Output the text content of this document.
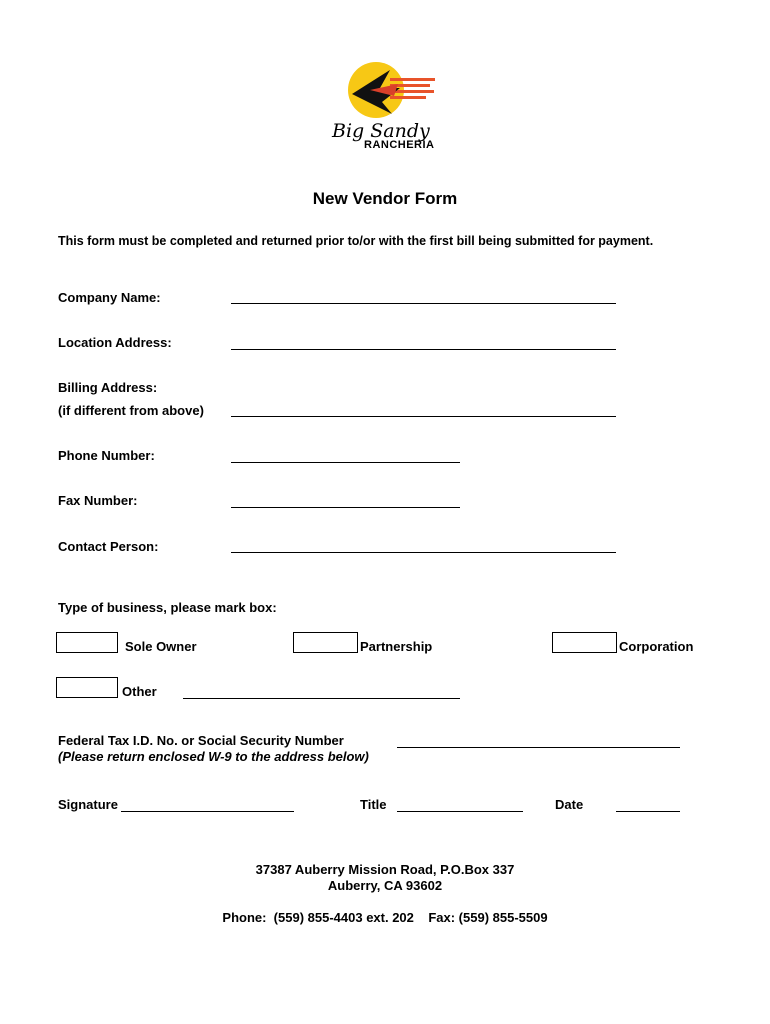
Big Sandy
RANCHERIA
New Vendor Form
This form must be completed and returned prior to/or with the first bill being submitted for payment.
Company Name:
Location Address:
Billing Address:
(if different from above)
Phone Number:
Fax Number:
Contact Person:
Type of business, please mark box:
Sole Owner	Partnership	Corporation
Other
Federal Tax I.D. No. or Social Security Number
(Please return enclosed W-9 to the address below)
Signature	Title	Date
37387 Auberry Mission Road, P.O.Box 337
Auberry, CA 93602
Phone:  (559) 855-4403 ext. 202    Fax: (559) 855-5509
